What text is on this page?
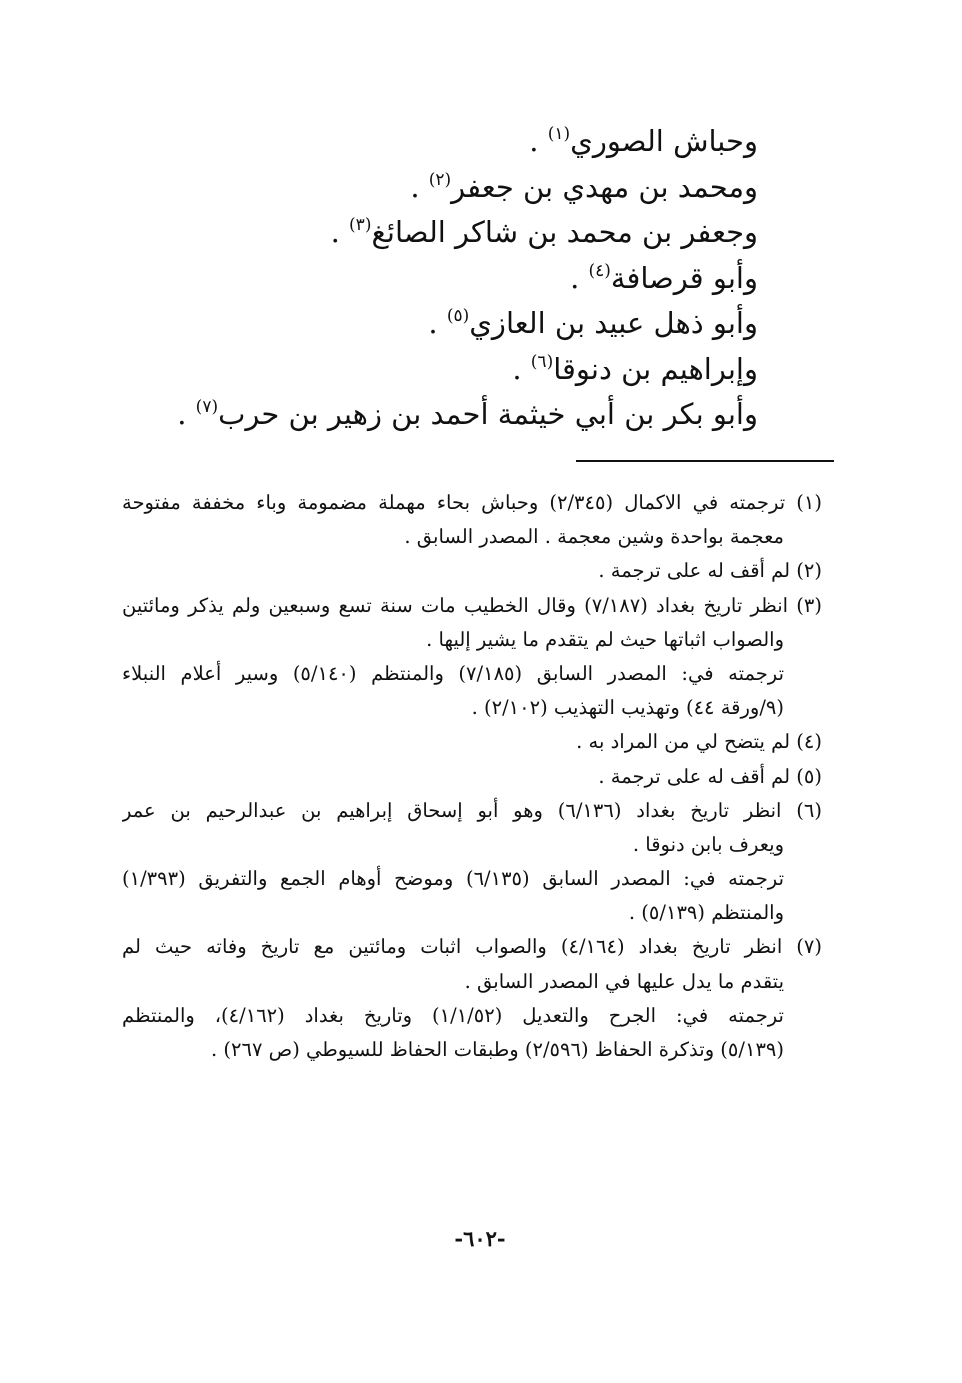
وحباش الصوري$^{(١)}$ .
ومحمد بن مهدي بن جعفر$^{(٢)}$ .
وجعفر بن محمد بن شاكر الصائغ$^{(٣)}$ .
وأبو قرصافة$^{(٤)}$ .
وأبو ذهل عبيد بن العازي$^{(٥)}$ .
وإبراهيم بن دنوقا$^{(٦)}$ .
وأبو بكر بن أبي خيثمة أحمد بن زهير بن حرب$^{(٧)}$ .
(١) ترجمته في الاكمال (٢/٣٤٥) وحباش بحاء مهملة مضمومة وباء مخففة مفتوحة
معجمة بواحدة وشين معجمة . المصدر السابق .
(٢) لم أقف له على ترجمة .
(٣) انظر تاريخ بغداد (٧/١٨٧) وقال الخطيب مات سنة تسع وسبعين ولم يذكر ومائتين
والصواب اثباتها حيث لم يتقدم ما يشير إليها .
ترجمته في: المصدر السابق (٧/١٨٥) والمنتظم (٥/١٤٠) وسير أعلام النبلاء
(٩/ورقة ٤٤) وتهذيب التهذيب (٢/١٠٢) .
(٤) لم يتضح لي من المراد به .
(٥) لم أقف له على ترجمة .
(٦) انظر تاريخ بغداد (٦/١٣٦) وهو أبو إسحاق إبراهيم بن عبدالرحيم بن عمر
ويعرف بابن دنوقا .
ترجمته في: المصدر السابق (٦/١٣٥) وموضح أوهام الجمع والتفريق (١/٣٩٣)
والمنتظم (٥/١٣٩) .
(٧) انظر تاريخ بغداد (٤/١٦٤) والصواب اثبات ومائتين مع تاريخ وفاته حيث لم
يتقدم ما يدل عليها في المصدر السابق .
ترجمته في: الجرح والتعديل (١/١/٥٢) وتاريخ بغداد (٤/١٦٢)، والمنتظم
(٥/١٣٩) وتذكرة الحفاظ (٢/٥٩٦) وطبقات الحفاظ للسيوطي (ص ٢٦٧) .
-٦٠٢-
